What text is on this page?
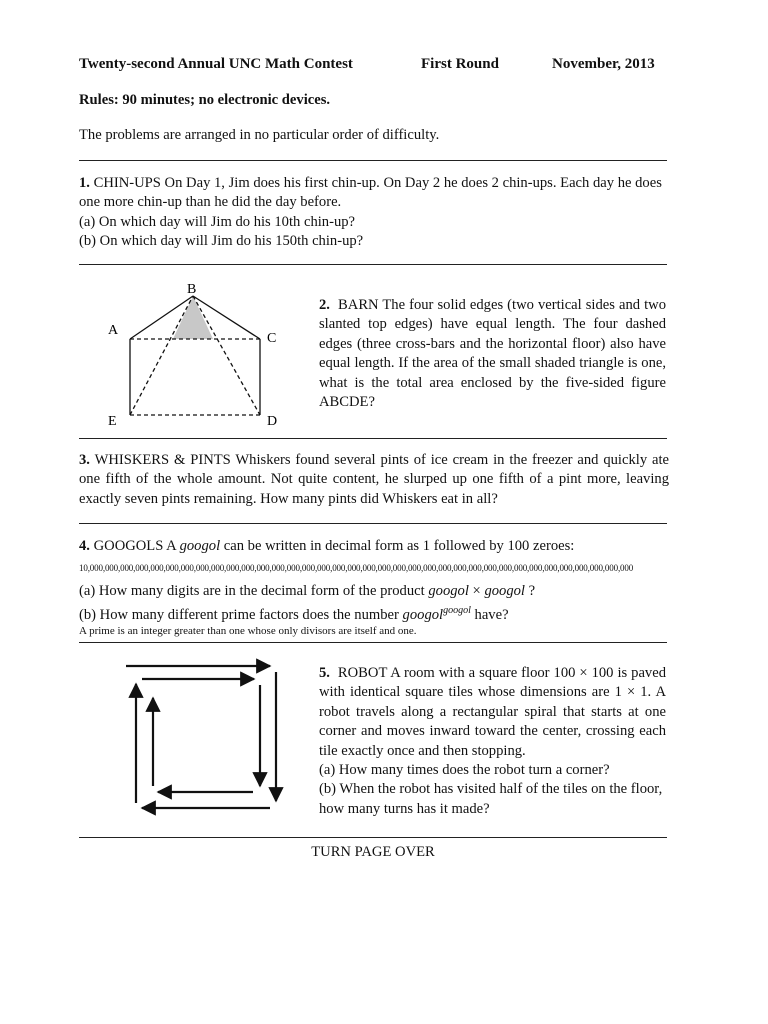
Twenty-second Annual UNC Math Contest	First Round	November, 2013
Rules: 90 minutes; no electronic devices.
The problems are arranged in no particular order of difficulty.
1. CHIN-UPS On Day 1, Jim does his first chin-up. On Day 2 he does 2 chin-ups. Each day he does one more chin-up than he did the day before.
(a) On which day will Jim do his 10th chin-up?
(b) On which day will Jim do his 150th chin-up?
B
A
C
E	D
2. BARN The four solid edges (two vertical sides and two slanted top edges) have equal length. The four dashed edges (three cross-bars and the horizontal floor) also have equal length. If the area of the small shaded triangle is one, what is the total area enclosed by the five-sided figure ABCDE?
3. WHISKERS & PINTS Whiskers found several pints of ice cream in the freezer and quickly ate one fifth of the whole amount. Not quite content, he slurped up one fifth of a pint more, leaving exactly seven pints remaining. How many pints did Whiskers eat in all?
4. GOOGOLS A googol can be written in decimal form as 1 followed by 100 zeroes:
10,000,000,000,000,000,000,000,000,000,000,000,000,000,000,000,000,000,000,000,000,000,000,000,000,000,000,000,000,000,000,000,000,000,000,000,000
(a) How many digits are in the decimal form of the product googol × googol ?
(b) How many different prime factors does the number googol$^{googol}$ have?
A prime is an integer greater than one whose only divisors are itself and one.
5. ROBOT A room with a square floor 100 × 100 is paved with identical square tiles whose dimensions are 1 × 1. A robot travels along a rectangular spiral that starts at one corner and moves inward toward the center, crossing each tile exactly once and then stopping.
(a) How many times does the robot turn a corner?
(b) When the robot has visited half of the tiles on the floor, how many turns has it made?
TURN PAGE OVER
